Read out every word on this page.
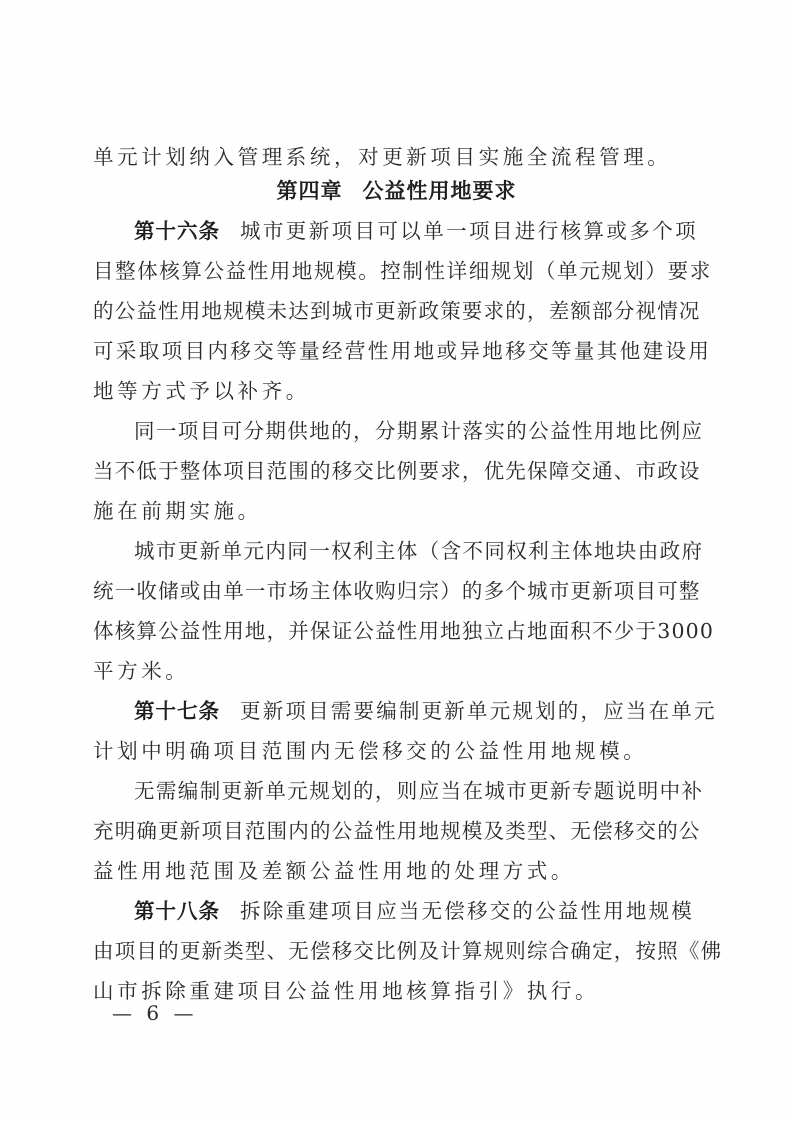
单元计划纳入管理系统，对更新项目实施全流程管理。
第四章 公益性用地要求
第十六条 城市更新项目可以单一项目进行核算或多个项
目整体核算公益性用地规模。控制性详细规划（单元规划）要求
的公益性用地规模未达到城市更新政策要求的，差额部分视情况
可采取项目内移交等量经营性用地或异地移交等量其他建设用
地等方式予以补齐。
同一项目可分期供地的，分期累计落实的公益性用地比例应
当不低于整体项目范围的移交比例要求，优先保障交通、市政设
施在前期实施。
城市更新单元内同一权利主体（含不同权利主体地块由政府
统一收储或由单一市场主体收购归宗）的多个城市更新项目可整
体核算公益性用地，并保证公益性用地独立占地面积不少于3000
平方米。
第十七条 更新项目需要编制更新单元规划的，应当在单元
计划中明确项目范围内无偿移交的公益性用地规模。
无需编制更新单元规划的，则应当在城市更新专题说明中补
充明确更新项目范围内的公益性用地规模及类型、无偿移交的公
益性用地范围及差额公益性用地的处理方式。
第十八条 拆除重建项目应当无偿移交的公益性用地规模
由项目的更新类型、无偿移交比例及计算规则综合确定，按照《佛
山市拆除重建项目公益性用地核算指引》执行。
— 6 —
